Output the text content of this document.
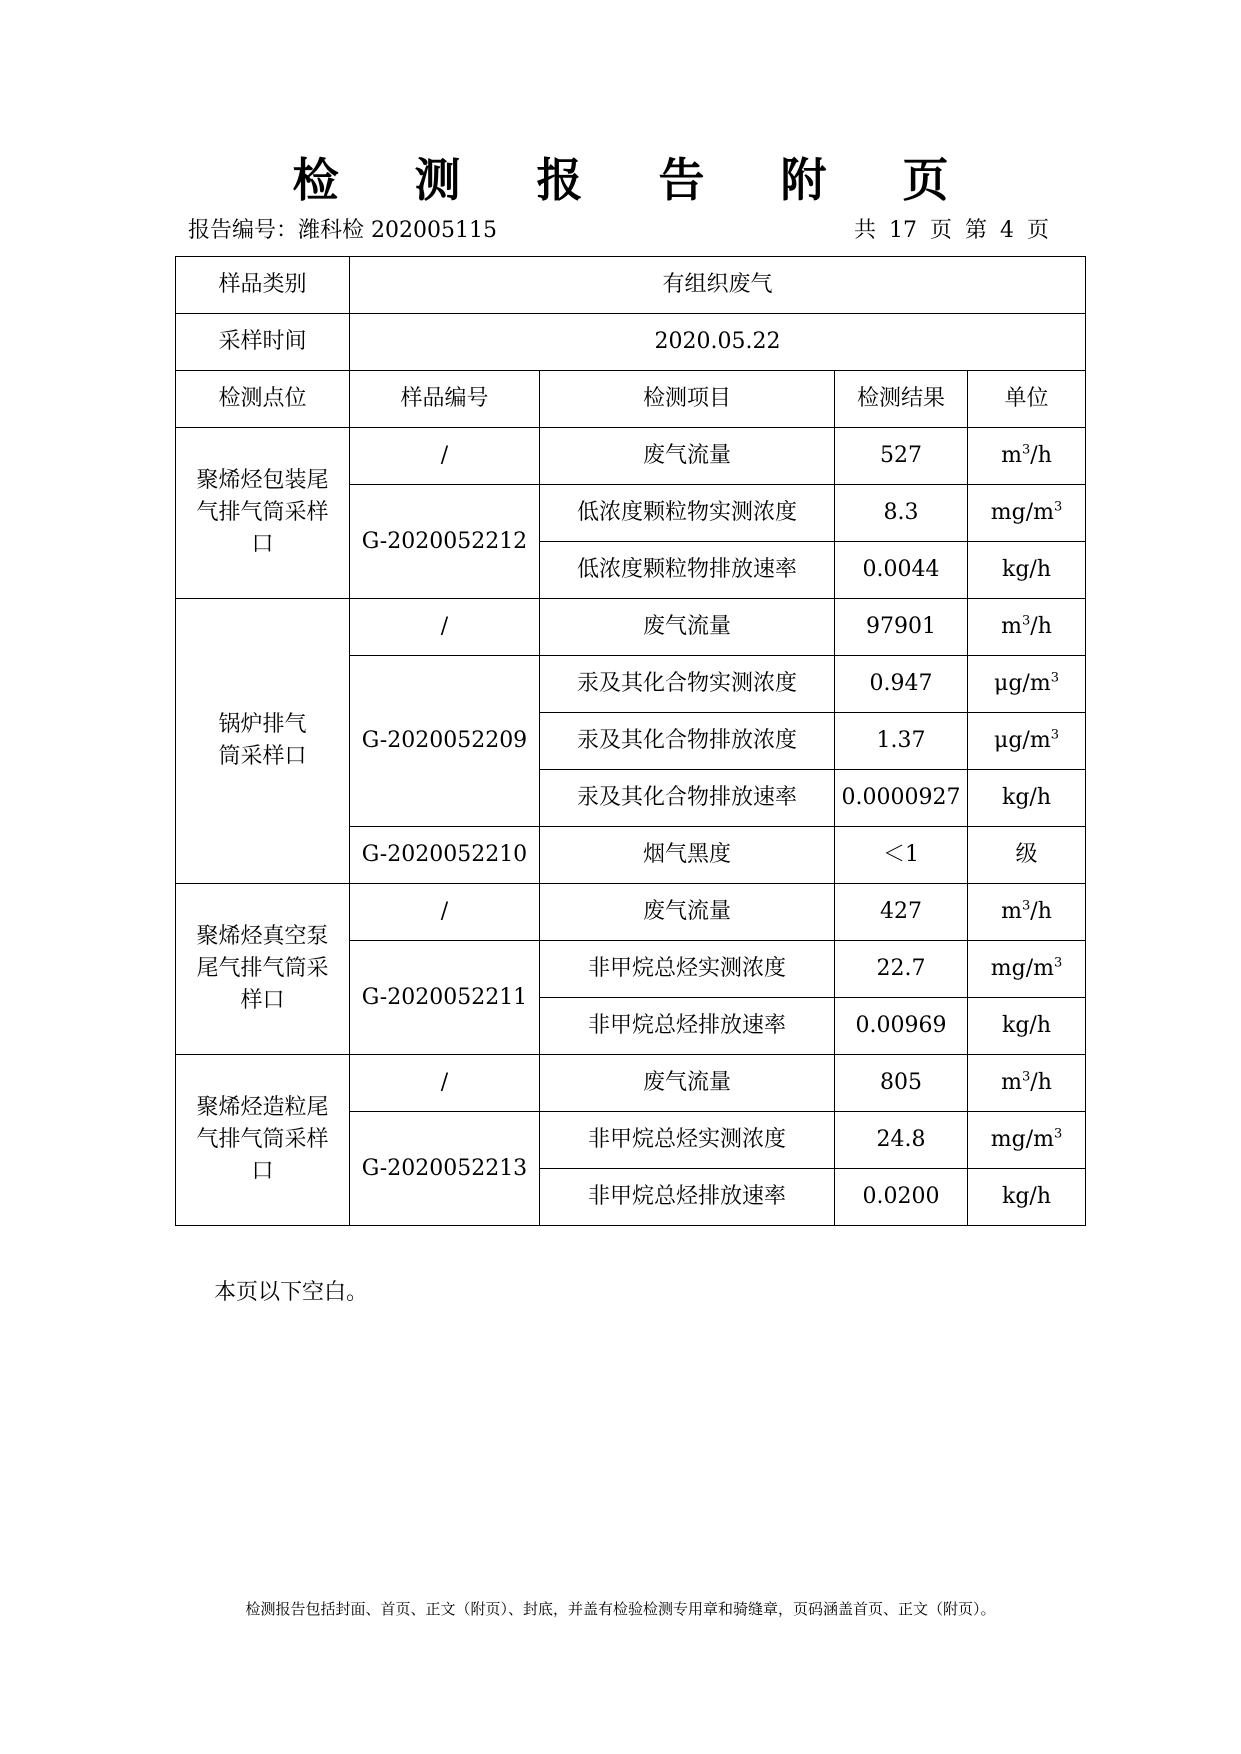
检 测 报 告 附 页
报告编号：潍科检 202005115	共 17 页 第 4 页
样品类别	有组织废气			
采样时间	2020.05.22			
检测点位	样品编号	检测项目	检测结果	单位
聚烯烃包装尾气排气筒采样口	/	废气流量	527	$m^3/h$
	G-2020052212	低浓度颗粒物实测浓度	8.3	$mg/m^3$
		低浓度颗粒物排放速率	0.0044	kg/h
锅炉排气筒采样口	/	废气流量	97901	$m^3/h$
	G-2020052209	汞及其化合物实测浓度	0.947	$\mu g/m^3$
		汞及其化合物排放浓度	1.37	$\mu g/m^3$
		汞及其化合物排放速率	0.0000927	kg/h
	G-2020052210	烟气黑度	＜1	级
聚烯烃真空泵尾气排气筒采样口	/	废气流量	427	$m^3/h$
	G-2020052211	非甲烷总烃实测浓度	22.7	$mg/m^3$
		非甲烷总烃排放速率	0.00969	kg/h
聚烯烃造粒尾气排气筒采样口	/	废气流量	805	$m^3/h$
	G-2020052213	非甲烷总烃实测浓度	24.8	$mg/m^3$
		非甲烷总烃排放速率	0.0200	kg/h
本页以下空白。
检测报告包括封面、首页、正文（附页）、封底，并盖有检验检测专用章和骑缝章，页码涵盖首页、正文（附页）。
